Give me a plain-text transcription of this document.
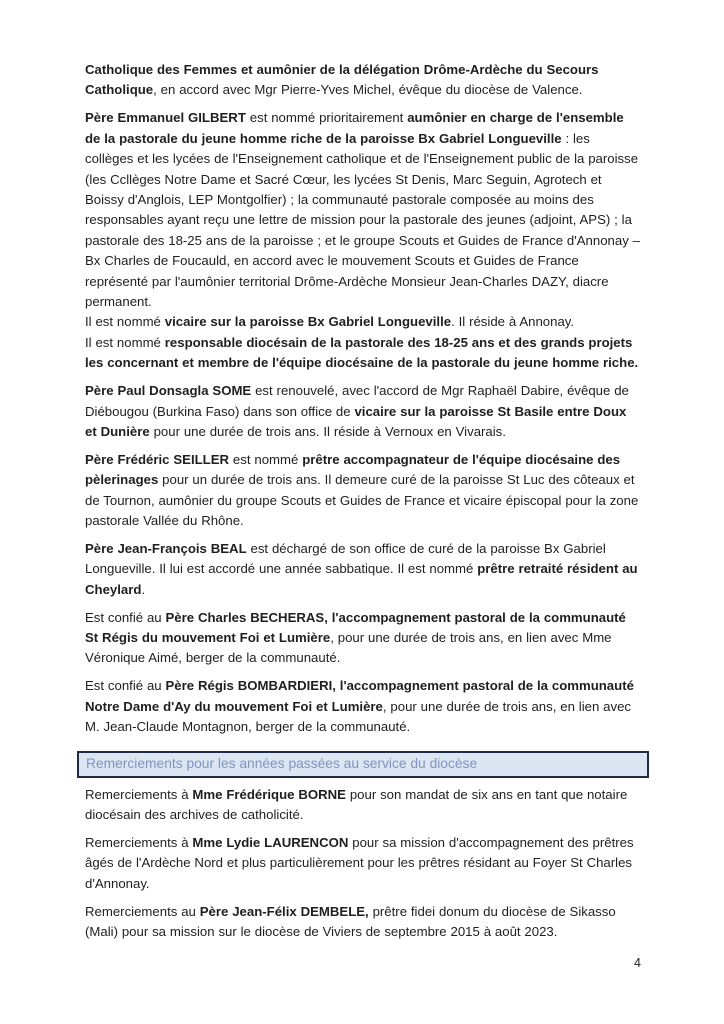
Catholique des Femmes et aumônier de la délégation Drôme-Ardèche du Secours Catholique, en accord avec Mgr Pierre-Yves Michel, évêque du diocèse de Valence.

Père Emmanuel GILBERT est nommé prioritairement aumônier en charge de l'ensemble de la pastorale du jeune homme riche de la paroisse Bx Gabriel Longueville : les collèges et les lycées de l'Enseignement catholique et de l'Enseignement public de la paroisse (les Ccllèges Notre Dame et Sacré Cœur, les lycées St Denis, Marc Seguin, Agrotech et Boissy d'Anglois, LEP Montgolfier) ; la communauté pastorale composée au moins des responsables ayant reçu une lettre de mission pour la pastorale des jeunes (adjoint, APS) ; la pastorale des 18-25 ans de la paroisse ; et le groupe Scouts et Guides de France d'Annonay – Bx Charles de Foucauld, en accord avec le mouvement Scouts et Guides de France représenté par l'aumônier territorial Drôme-Ardèche Monsieur Jean-Charles DAZY, diacre permanent.
Il est nommé vicaire sur la paroisse Bx Gabriel Longueville. Il réside à Annonay.
Il est nommé responsable diocésain de la pastorale des 18-25 ans et des grands projets les concernant et membre de l'équipe diocésaine de la pastorale du jeune homme riche.

Père Paul Donsagla SOME est renouvelé, avec l'accord de Mgr Raphaël Dabire, évêque de Diébougou (Burkina Faso) dans son office de vicaire sur la paroisse St Basile entre Doux et Dunière pour une durée de trois ans. Il réside à Vernoux en Vivarais.

Père Frédéric SEILLER est nommé prêtre accompagnateur de l'équipe diocésaine des pèlerinages pour un durée de trois ans. Il demeure curé de la paroisse St Luc des côteaux et de Tournon, aumônier du groupe Scouts et Guides de France et vicaire épiscopal pour la zone pastorale Vallée du Rhône.

Père Jean-François BEAL est déchargé de son office de curé de la paroisse Bx Gabriel Longueville. Il lui est accordé une année sabbatique. Il est nommé prêtre retraité résident au Cheylard.

Est confié au Père Charles BECHERAS, l'accompagnement pastoral de la communauté St Régis du mouvement Foi et Lumière, pour une durée de trois ans, en lien avec Mme Véronique Aimé, berger de la communauté.

Est confié au Père Régis BOMBARDIERI, l'accompagnement pastoral de la communauté Notre Dame d'Ay du mouvement Foi et Lumière, pour une durée de trois ans, en lien avec M. Jean-Claude Montagnon, berger de la communauté.

Remerciements pour les années passées au service du diocèse

Remerciements à Mme Frédérique BORNE pour son mandat de six ans en tant que notaire diocésain des archives de catholicité.

Remerciements à Mme Lydie LAURENCON pour sa mission d'accompagnement des prêtres âgés de l'Ardèche Nord et plus particulièrement pour les prêtres résidant au Foyer St Charles d'Annonay.

Remerciements au Père Jean-Félix DEMBELE, prêtre fidei donum du diocèse de Sikasso (Mali) pour sa mission sur le diocèse de Viviers de septembre 2015 à août 2023.

4
